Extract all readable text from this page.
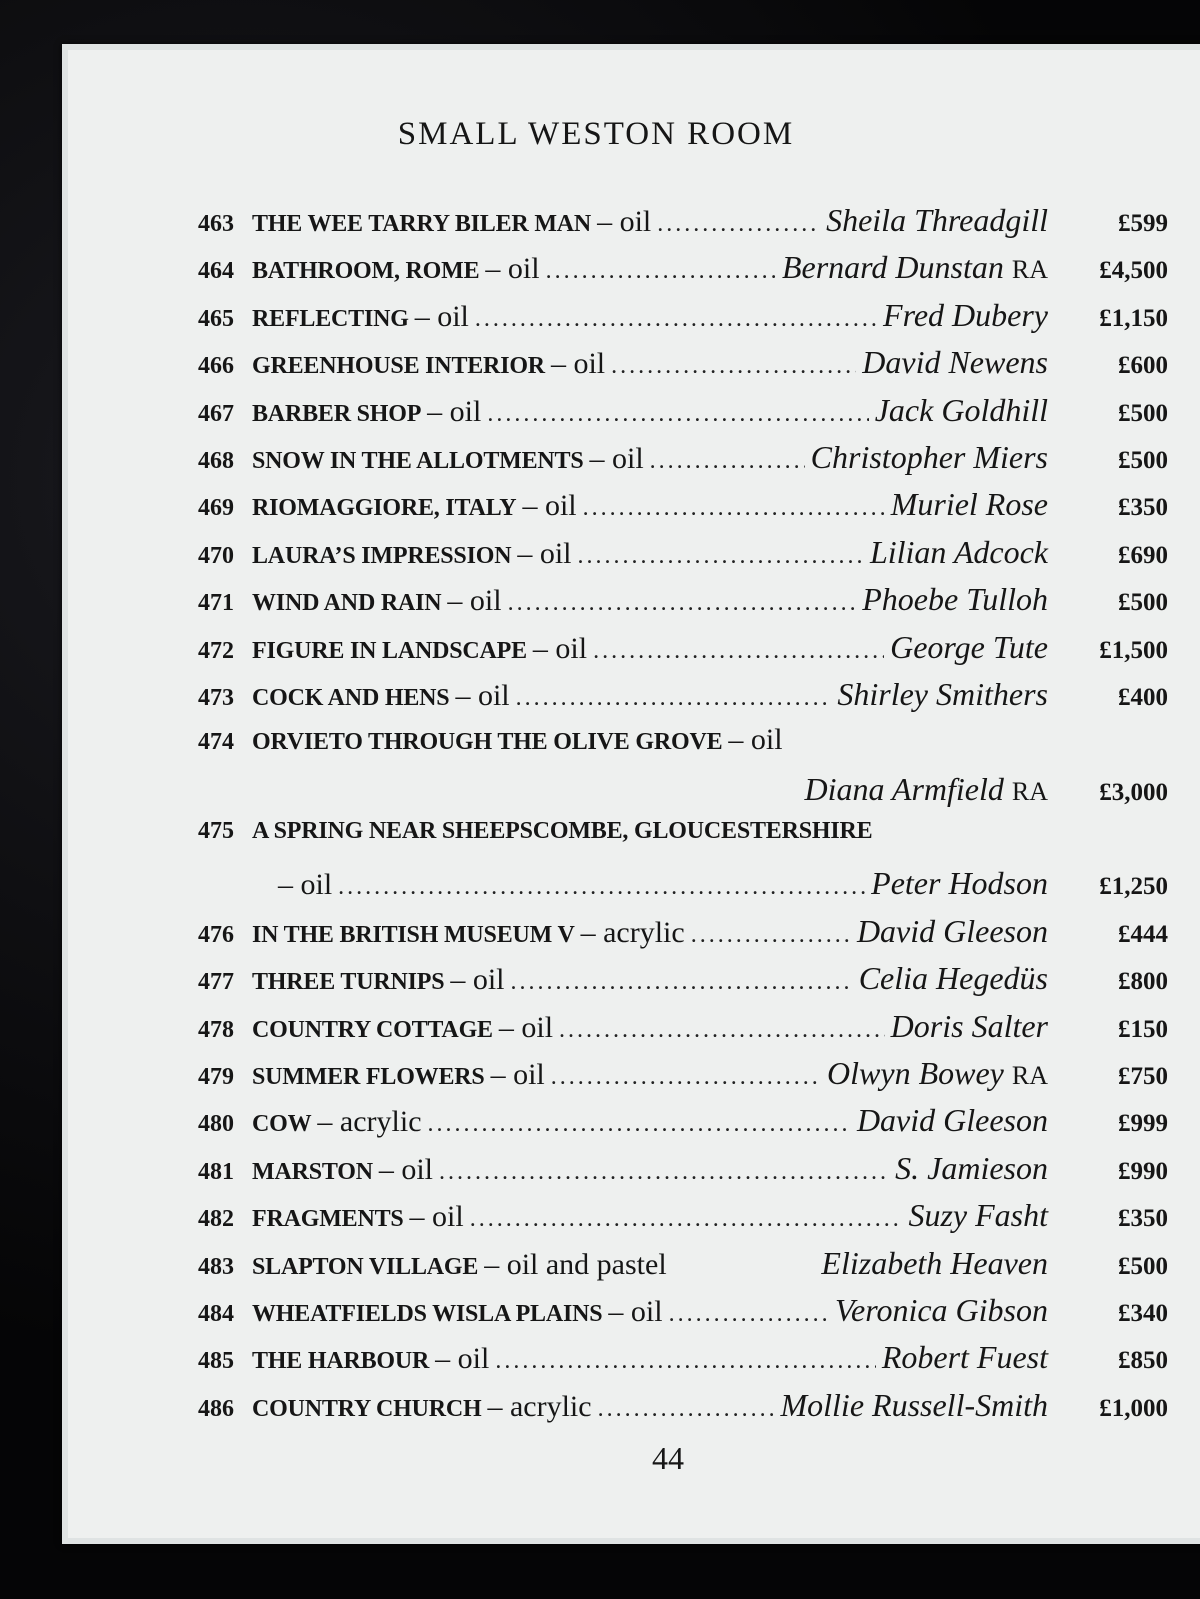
SMALL WESTON ROOM
463 THE WEE TARRY BILER MAN – oil .....	Sheila Threadgill	£599
464 BATHROOM, ROME – oil .....	Bernard Dunstan RA	£4,500
465 REFLECTING – oil .....	Fred Dubery	£1,150
466 GREENHOUSE INTERIOR – oil .....	David Newens	£600
467 BARBER SHOP – oil .....	Jack Goldhill	£500
468 SNOW IN THE ALLOTMENTS – oil .....	Christopher Miers	£500
469 RIOMAGGIORE, ITALY – oil .....	Muriel Rose	£350
470 LAURA’S IMPRESSION – oil .....	Lilian Adcock	£690
471 WIND AND RAIN – oil .....	Phoebe Tulloh	£500
472 FIGURE IN LANDSCAPE – oil .....	George Tute	£1,500
473 COCK AND HENS – oil .....	Shirley Smithers	£400
474 ORVIETO THROUGH THE OLIVE GROVE – oil
Diana Armfield RA	£3,000
475 A SPRING NEAR SHEEPSCOMBE, GLOUCESTERSHIRE
– oil .....	Peter Hodson	£1,250
476 IN THE BRITISH MUSEUM V – acrylic .....	David Gleeson	£444
477 THREE TURNIPS – oil .....	Celia Hegedüs	£800
478 COUNTRY COTTAGE – oil .....	Doris Salter	£150
479 SUMMER FLOWERS – oil .....	Olwyn Bowey RA	£750
480 COW – acrylic .....	David Gleeson	£999
481 MARSTON – oil .....	S. Jamieson	£990
482 FRAGMENTS – oil .....	Suzy Fasht	£350
483 SLAPTON VILLAGE – oil and pastel	Elizabeth Heaven	£500
484 WHEATFIELDS WISLA PLAINS – oil .....	Veronica Gibson	£340
485 THE HARBOUR – oil .....	Robert Fuest	£850
486 COUNTRY CHURCH – acrylic .....	Mollie Russell-Smith	£1,000
44
